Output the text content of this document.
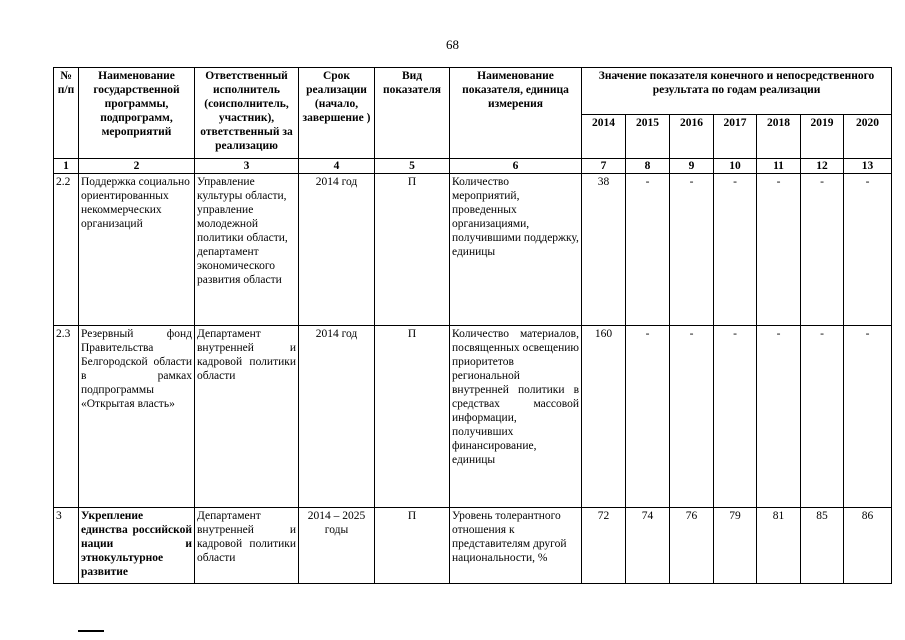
68
№ п/п	Наименование государственной программы, подпрограмм, мероприятий	Ответственный исполнитель (соисполнитель, участник), ответственный за реализацию	Срок реализации (начало, завершение )	Вид показателя	Наименование показателя, единица измерения	Значение показателя конечного и непосредственного результата по годам реализации						
						2014	2015	2016	2017	2018	2019	2020
1	2	3	4	5	6	7	8	9	10	11	12	13
2.2	Поддержка социально ориентированных некоммерческих организаций	Управление культуры области, управление молодежной политики области, департамент экономического развития области	2014 год	П	Количество мероприятий, проведенных организациями, получившими поддержку, единицы	38	-	-	-	-	-	-
2.3	Резервный фонд Правительства Белгородской области в рамках подпрограммы «Открытая власть»	Департамент внутренней и кадровой политики области	2014 год	П	Количество материалов, посвященных освещению приоритетов региональной внутренней политики в средствах массовой информации, получивших финансирование, единицы	160	-	-	-	-	-	-
3	Укрепление единства российской нации и этнокультурное развитие	Департамент внутренней и кадровой политики области	2014 – 2025 годы	П	Уровень толерантного отношения к представителям другой национальности, %	72	74	76	79	81	85	86
